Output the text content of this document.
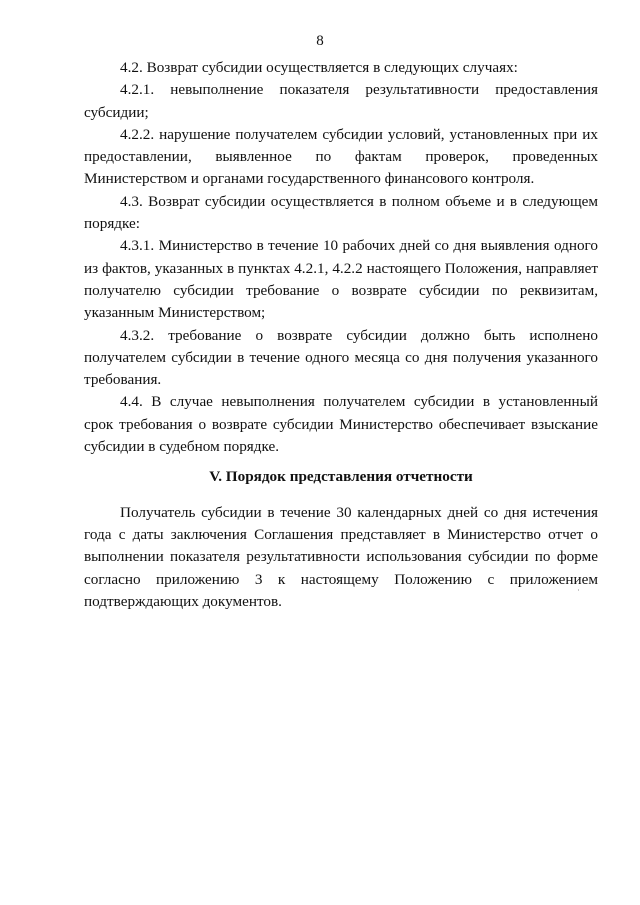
8

4.2. Возврат субсидии осуществляется в следующих случаях:

4.2.1. невыполнение показателя результативности предоставления субсидии;

4.2.2. нарушение получателем субсидии условий, установленных при их предоставлении, выявленное по фактам проверок, проведенных Министерством и органами государственного финансового контроля.

4.3. Возврат субсидии осуществляется в полном объеме и в следующем порядке:

4.3.1. Министерство в течение 10 рабочих дней со дня выявления одного из фактов, указанных в пунктах 4.2.1, 4.2.2 настоящего Положения, направляет получателю субсидии требование о возврате субсидии по реквизитам, указанным Министерством;

4.3.2. требование о возврате субсидии должно быть исполнено получателем субсидии в течение одного месяца со дня получения указанного требования.

4.4. В случае невыполнения получателем субсидии в установленный срок требования о возврате субсидии Министерство обеспечивает взыскание субсидии в судебном порядке.

V. Порядок представления отчетности

Получатель субсидии в течение 30 календарных дней со дня истечения года с даты заключения Соглашения представляет в Министерство отчет о выполнении показателя результативности использования субсидии по форме согласно приложению 3 к настоящему Положению с приложением подтверждающих документов.
